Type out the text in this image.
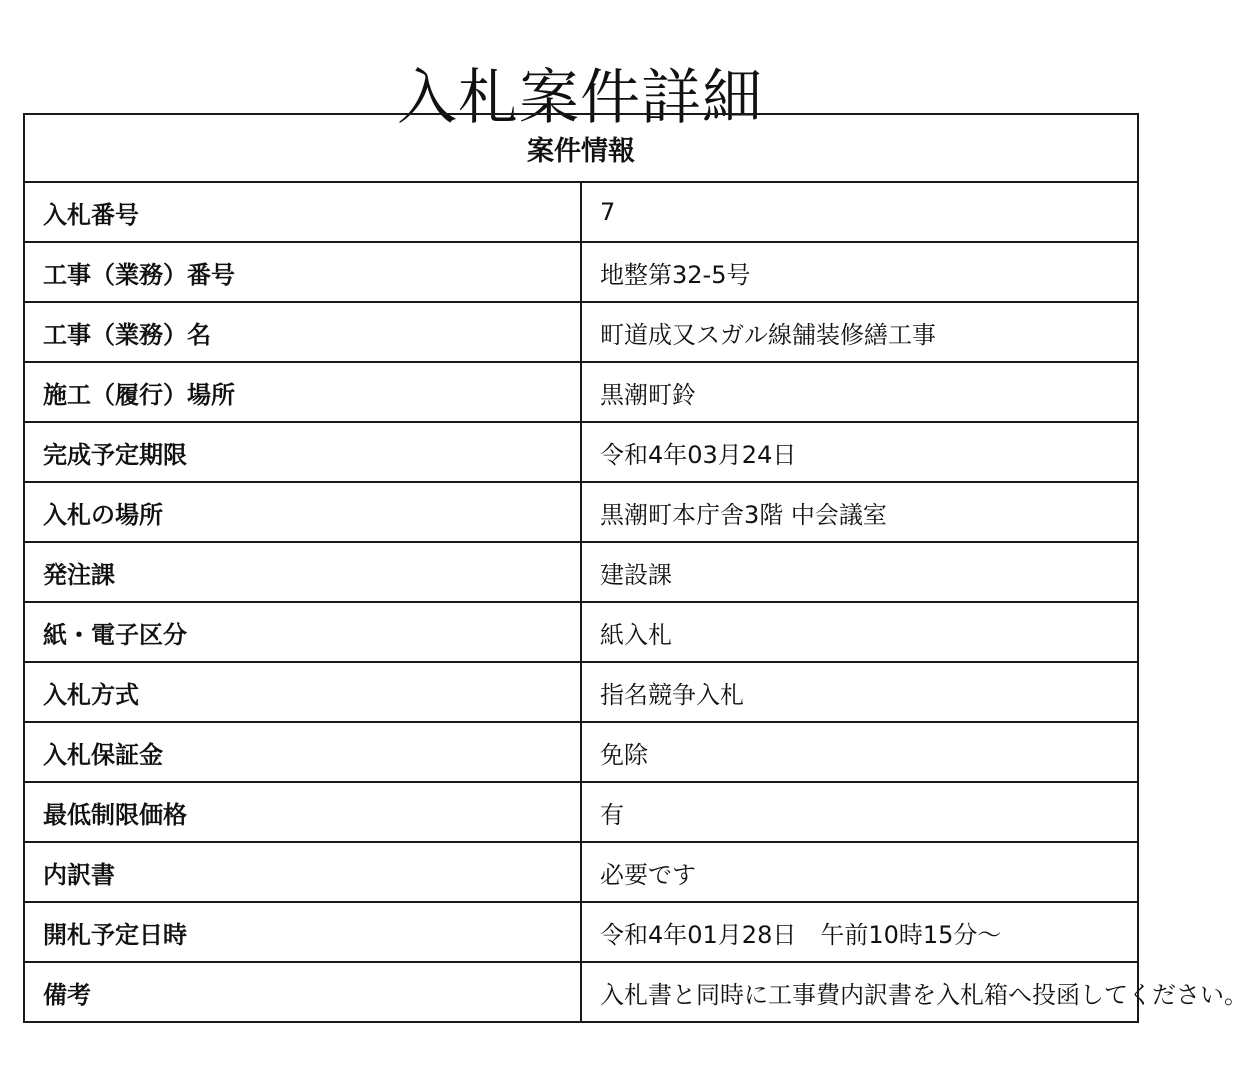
入札案件詳細
案件情報	
入札番号	7
工事（業務）番号	地整第32-5号
工事（業務）名	町道成又スガル線舗装修繕工事
施工（履行）場所	黒潮町鈴
完成予定期限	令和4年03月24日
入札の場所	黒潮町本庁舎3階 中会議室
発注課	建設課
紙・電子区分	紙入札
入札方式	指名競争入札
入札保証金	免除
最低制限価格	有
内訳書	必要です
開札予定日時	令和4年01月28日　午前10時15分～
備考	入札書と同時に工事費内訳書を入札箱へ投函してください。
